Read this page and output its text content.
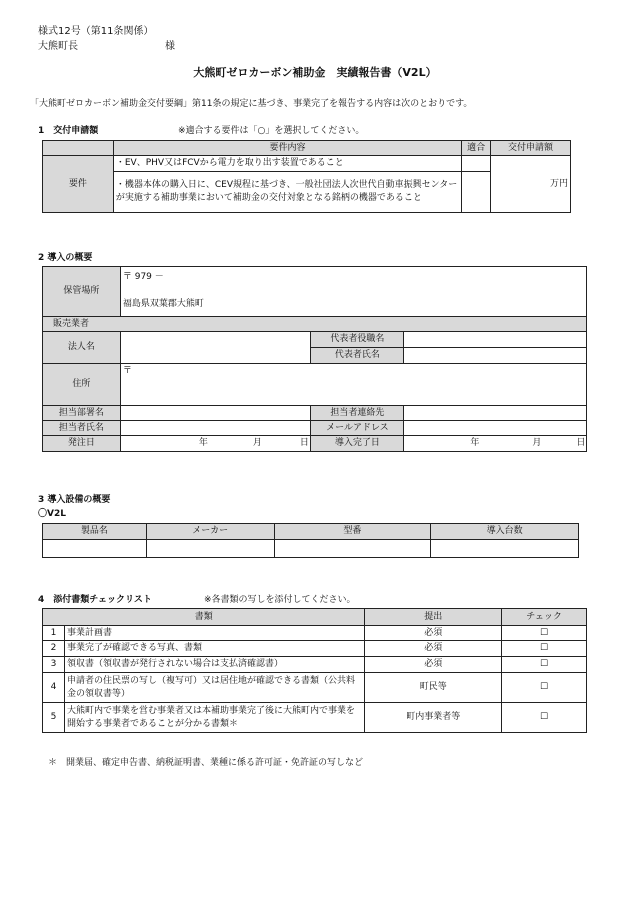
様式12号（第11条関係）
大熊町長	様
大熊町ゼロカーボン補助金　実績報告書（V2L）
「大熊町ゼロカーボン補助金交付要綱」第11条の規定に基づき、事業完了を報告する内容は次のとおりです。
1　交付申請額	※適合する要件は「○」を選択してください。
	要件内容	適合	交付申請額
要件	・EV、PHV又はFCVから電力を取り出す装置であること		万円
	・機器本体の購入日に、CEV規程に基づき、一般社団法人次世代自動車振興センターが実施する補助事業において補助金の交付対象となる銘柄の機器であること		
2 導入の概要
保管場所	〒 979 －
福島県双葉郡大熊町		

販売業者			
法人名		代表者役職名	
		代表者氏名	
住所	〒		
担当部署名		担当者連絡先	
担当者氏名		メールアドレス	
発注日	年 月 日	導入完了日	年 月 日
3 導入設備の概要
〇V2L
製品名	メーカー	型番	導入台数

4　添付書類チェックリスト	※各書類の写しを添付してください。
書類		提出	チェック
1	事業計画書	必須	☐
2	事業完了が確認できる写真、書類	必須	☐
3	領収書（領収書が発行されない場合は支払済確認書）	必須	☐
4	申請者の住民票の写し（複写可）又は居住地が確認できる書類（公共料金の領収書等）	町民等	☐
5	大熊町内で事業を営む事業者又は本補助事業完了後に大熊町内で事業を開始する事業者であることが分かる書類＊	町内事業者等	☐
＊　開業届、確定申告書、納税証明書、業種に係る許可証・免許証の写しなど
